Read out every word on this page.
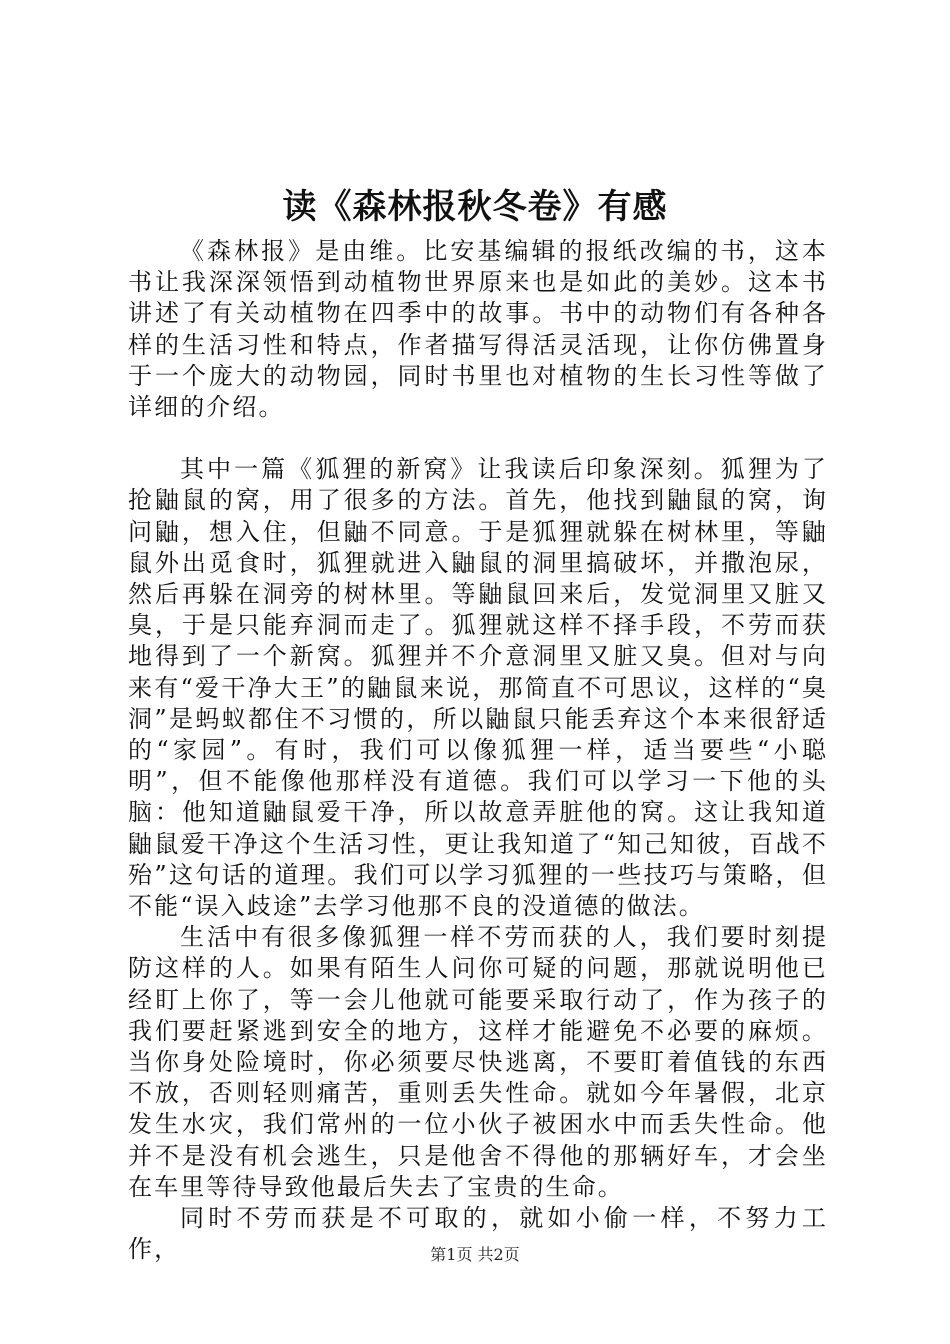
读《森林报秋冬卷》有感

《森林报》是由维。比安基编辑的报纸改编的书，这本书让我深深领悟到动植物世界原来也是如此的美妙。这本书讲述了有关动植物在四季中的故事。书中的动物们有各种各样的生活习性和特点，作者描写得活灵活现，让你仿佛置身于一个庞大的动物园，同时书里也对植物的生长习性等做了详细的介绍。

其中一篇《狐狸的新窝》让我读后印象深刻。狐狸为了抢鼬鼠的窝，用了很多的方法。首先，他找到鼬鼠的窝，询问鼬，想入住，但鼬不同意。于是狐狸就躲在树林里，等鼬鼠外出觅食时，狐狸就进入鼬鼠的洞里搞破坏，并撒泡尿，然后再躲在洞旁的树林里。等鼬鼠回来后，发觉洞里又脏又臭，于是只能弃洞而走了。狐狸就这样不择手段，不劳而获地得到了一个新窝。狐狸并不介意洞里又脏又臭。但对与向来有“爱干净大王”的鼬鼠来说，那简直不可思议，这样的“臭洞”是蚂蚁都住不习惯的，所以鼬鼠只能丢弃这个本来很舒适的“家园”。有时，我们可以像狐狸一样，适当要些“小聪明”，但不能像他那样没有道德。我们可以学习一下他的头脑：他知道鼬鼠爱干净，所以故意弄脏他的窝。这让我知道鼬鼠爱干净这个生活习性，更让我知道了“知己知彼，百战不殆”这句话的道理。我们可以学习狐狸的一些技巧与策略，但不能“误入歧途”去学习他那不良的没道德的做法。

生活中有很多像狐狸一样不劳而获的人，我们要时刻提防这样的人。如果有陌生人问你可疑的问题，那就说明他已经盯上你了，等一会儿他就可能要采取行动了，作为孩子的我们要赶紧逃到安全的地方，这样才能避免不必要的麻烦。当你身处险境时，你必须要尽快逃离，不要盯着值钱的东西不放，否则轻则痛苦，重则丢失性命。就如今年暑假，北京发生水灾，我们常州的一位小伙子被困水中而丢失性命。他并不是没有机会逃生，只是他舍不得他的那辆好车，才会坐在车里等待导致他最后失去了宝贵的生命。

同时不劳而获是不可取的，就如小偷一样，不努力工作，	第1页 共2页
